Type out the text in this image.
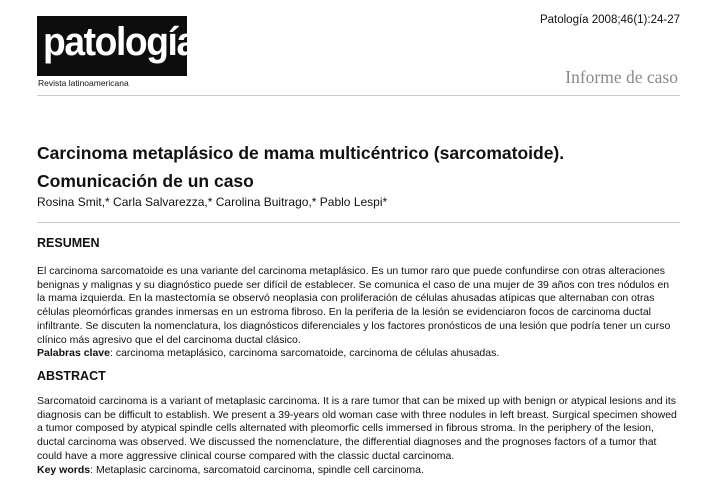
patología
Revista latinoamericana
Patología 2008;46(1):24-27
Informe de caso
Carcinoma metaplásico de mama multicéntrico (sarcomatoide).
Comunicación de un caso
Rosina Smit,* Carla Salvarezza,* Carolina Buitrago,* Pablo Lespi*
RESUMEN
El carcinoma sarcomatoide es una variante del carcinoma metaplásico. Es un tumor raro que puede confundirse con otras alteraciones benignas y malignas y su diagnóstico puede ser difícil de establecer. Se comunica el caso de una mujer de 39 años con tres nódulos en la mama izquierda. En la mastectomía se observó neoplasia con proliferación de células ahusadas atípicas que alternaban con otras células pleomórficas grandes inmersas en un estroma fibroso. En la periferia de la lesión se evidenciaron focos de carcinoma ductal infiltrante. Se discuten la nomenclatura, los diagnósticos diferenciales y los factores pronósticos de una lesión que podría tener un curso clínico más agresivo que el del carcinoma ductal clásico.
Palabras clave: carcinoma metaplásico, carcinoma sarcomatoide, carcinoma de células ahusadas.
ABSTRACT
Sarcomatoid carcinoma is a variant of metaplasic carcinoma. It is a rare tumor that can be mixed up with benign or atypical lesions and its diagnosis can be difficult to establish. We present a 39-years old woman case with three nodules in left breast. Surgical specimen showed a tumor composed by atypical spindle cells alternated with pleomorfic cells immersed in fibrous stroma. In the periphery of the lesion, ductal carcinoma was observed. We discussed the nomenclature, the differential diagnoses and the prognoses factors of a tumor that could have a more aggressive clinical course compared with the classic ductal carcinoma.
Key words: Metaplasic carcinoma, sarcomatoid carcinoma, spindle cell carcinoma.
